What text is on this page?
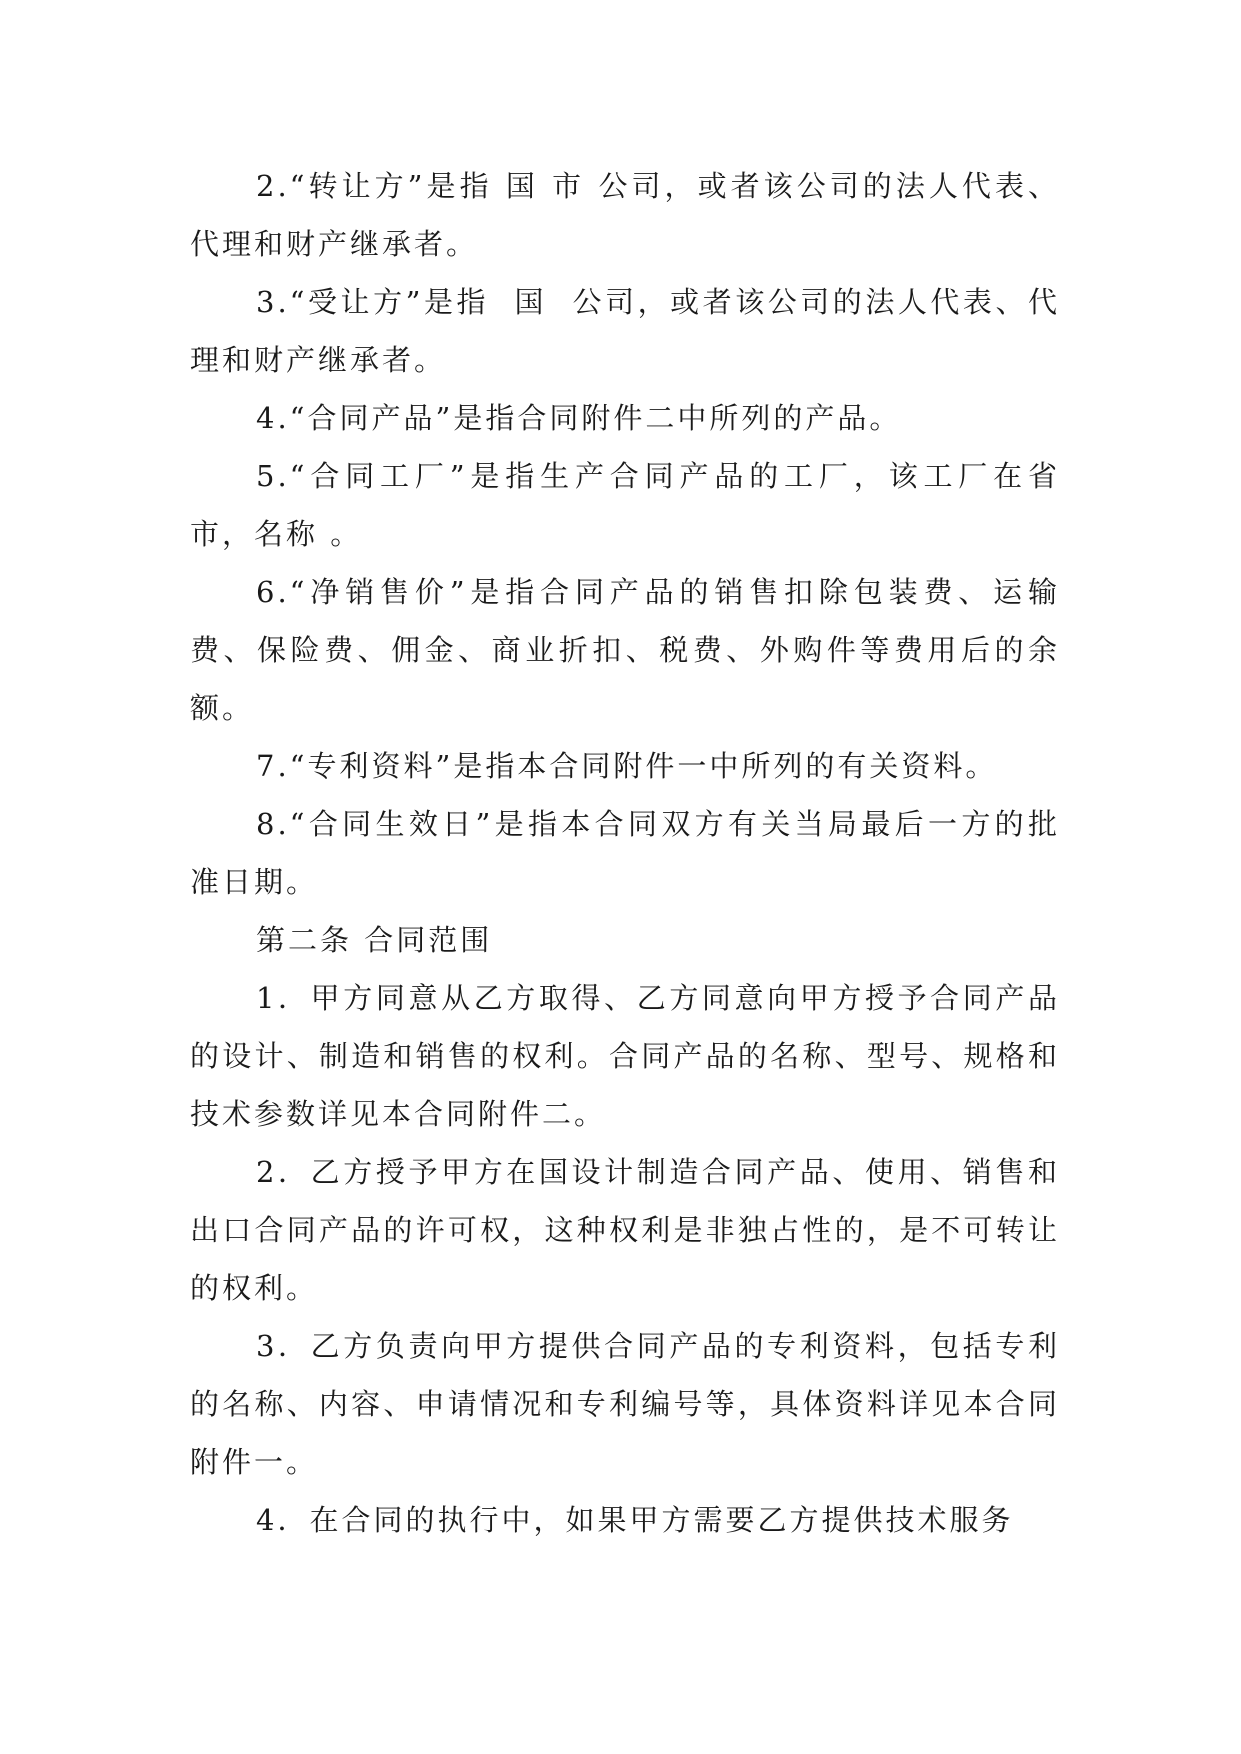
2.“转让方”是指 国 市 公司，或者该公司的法人代表、代理和财产继承者。

3.“受让方”是指  国  公司，或者该公司的法人代表、代理和财产继承者。

4.“合同产品”是指合同附件二中所列的产品。

5.“合同工厂”是指生产合同产品的工厂，该工厂在省  市，名称 。

6.“净销售价”是指合同产品的销售扣除包装费、运输费、保险费、佣金、商业折扣、税费、外购件等费用后的余额。

7.“专利资料”是指本合同附件一中所列的有关资料。

8.“合同生效日”是指本合同双方有关当局最后一方的批准日期。

第二条 合同范围

1．甲方同意从乙方取得、乙方同意向甲方授予合同产品的设计、制造和销售的权利。合同产品的名称、型号、规格和技术参数详见本合同附件二。

2．乙方授予甲方在国设计制造合同产品、使用、销售和出口合同产品的许可权，这种权利是非独占性的，是不可转让的权利。

3．乙方负责向甲方提供合同产品的专利资料，包括专利的名称、内容、申请情况和专利编号等，具体资料详见本合同附件一。

4．在合同的执行中，如果甲方需要乙方提供技术服务
